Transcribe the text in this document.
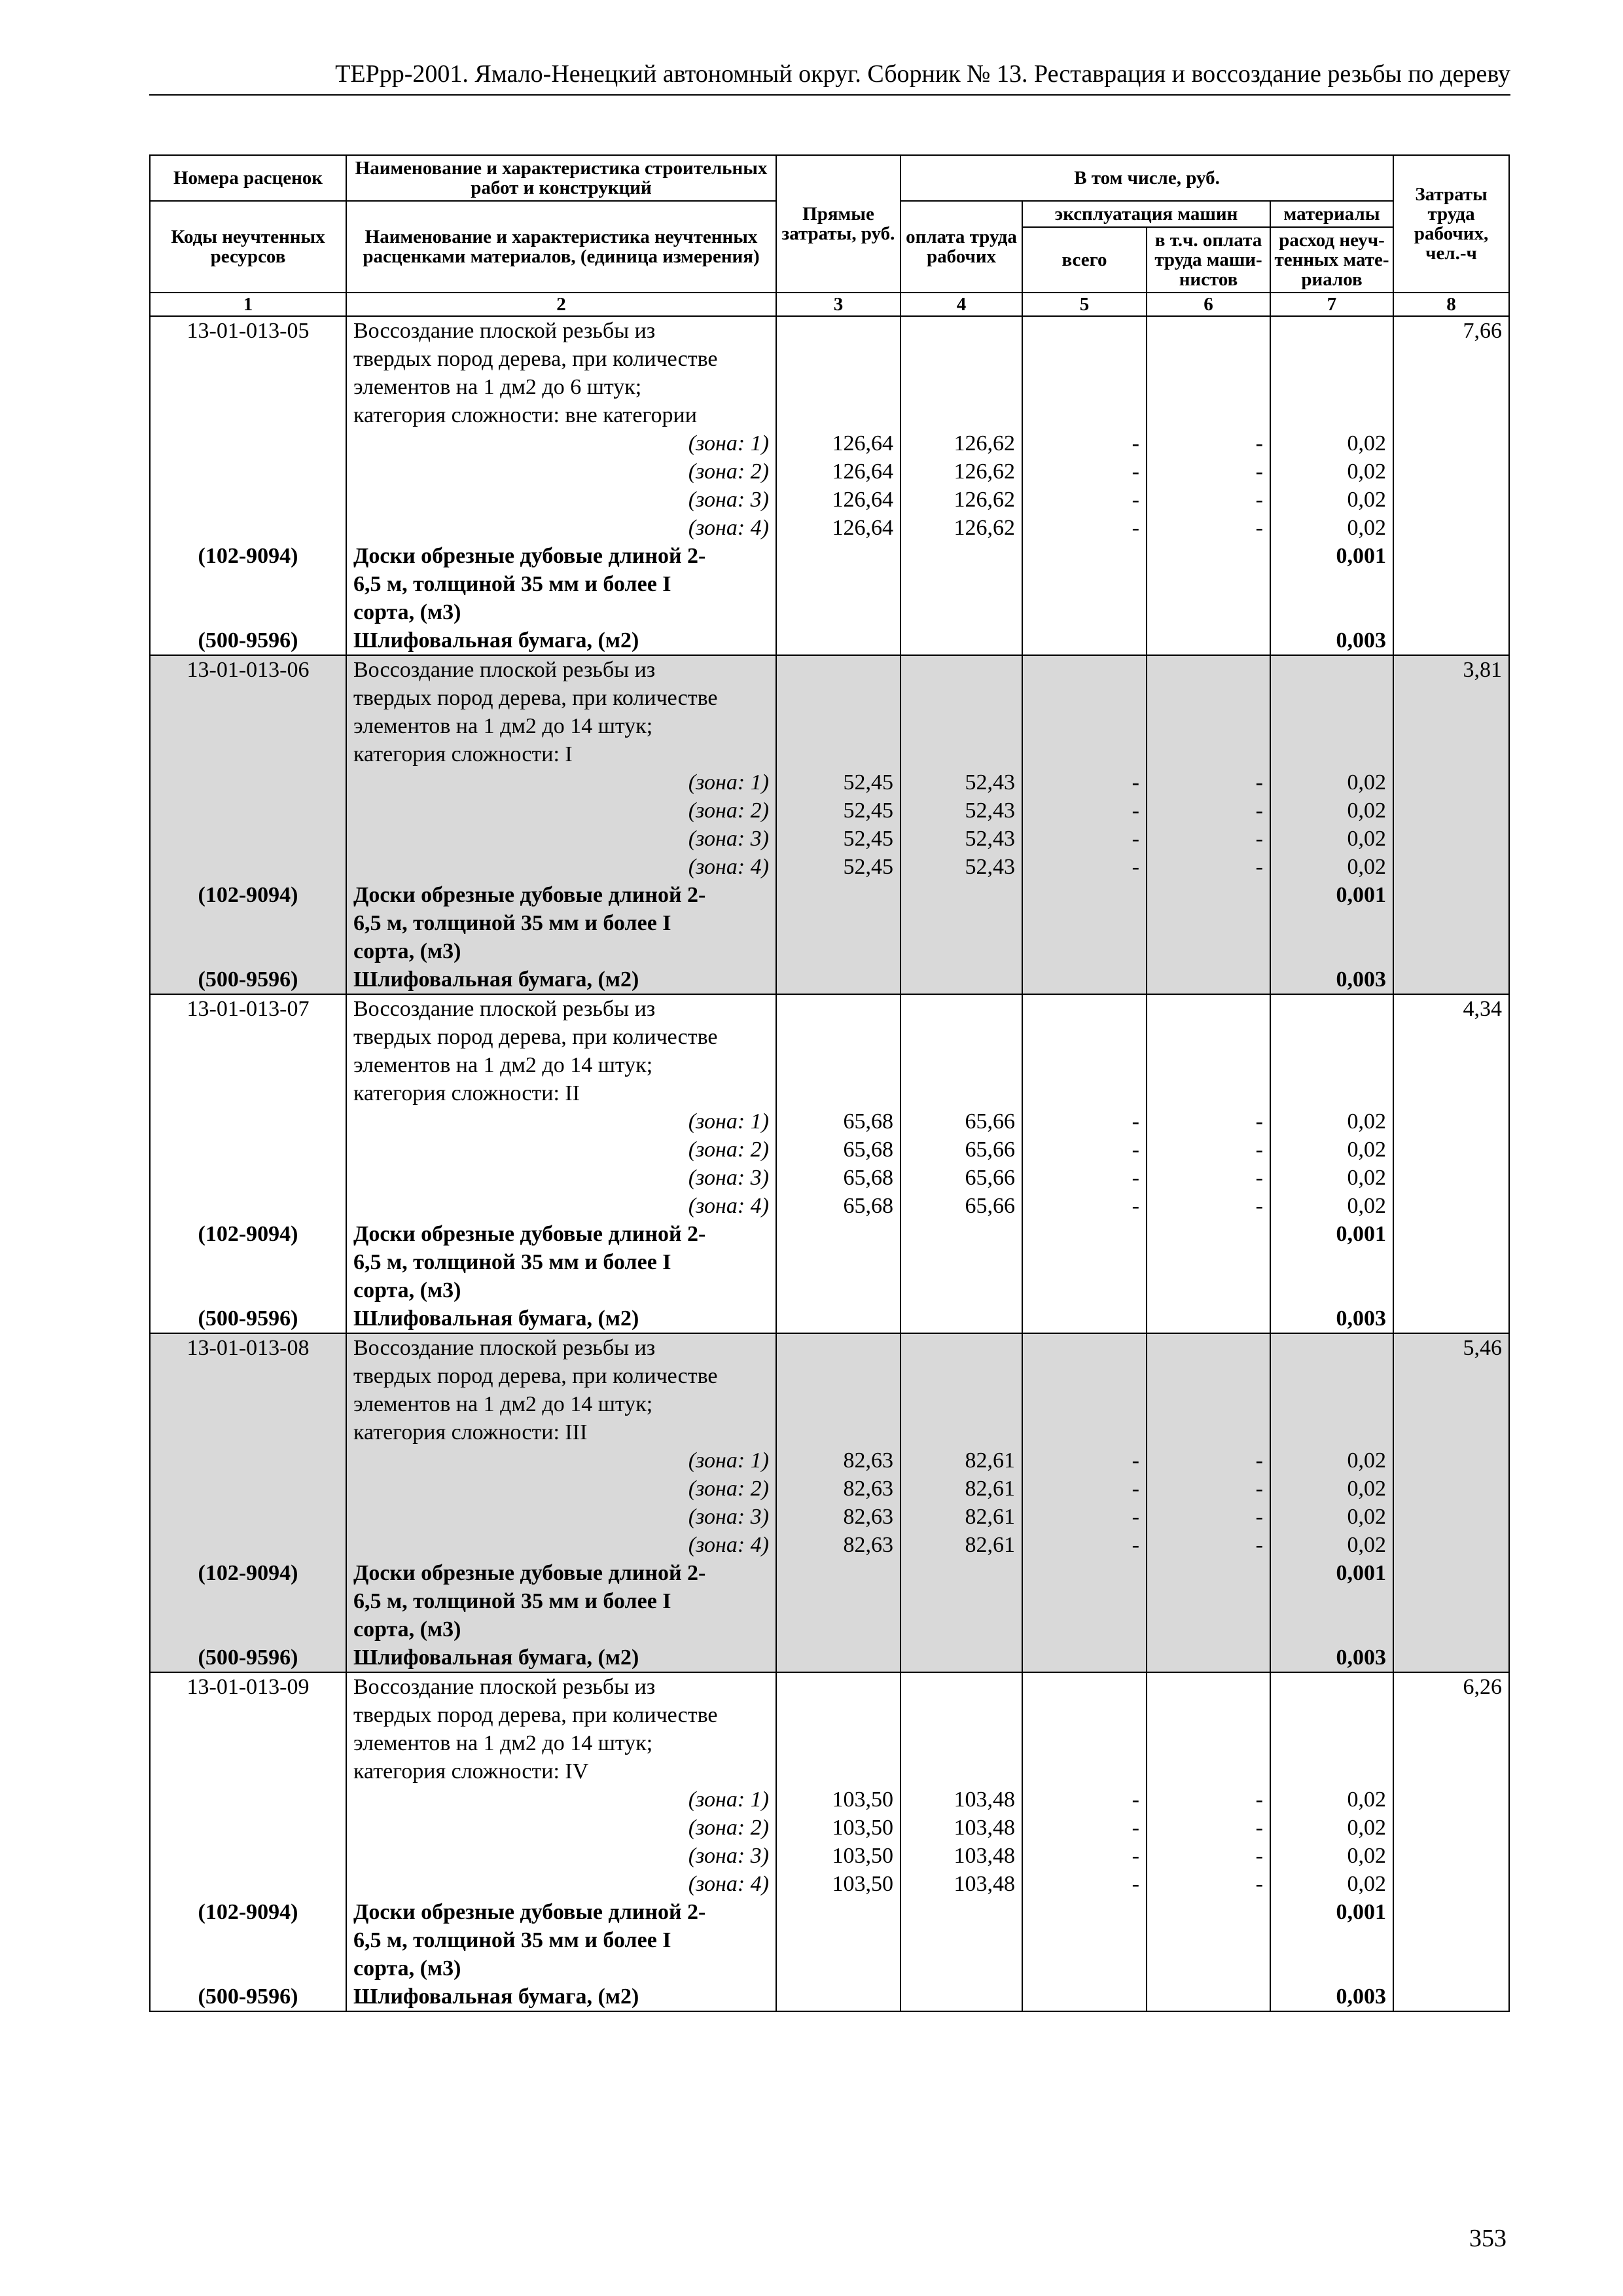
ТЕРрр-2001. Ямало-Ненецкий автономный округ. Сборник № 13. Реставрация и воссоздание резьбы по дереву
Номера расценок	Наименование и характеристика строительных работ и конструкций	Прямые затраты, руб.	В том числе, руб.				Затраты труда рабочих, чел.-ч
Коды неучтенных ресурсов	Наименование и характеристика неучтенных расценками материалов, (единица измерения)		оплата труда рабочих	эксплуатация машин		материалы	
				всего	в т.ч. оплата труда маши-нистов	расход неуч-тенных мате-риалов	
1	2	3	4	5	6	7	8
13-01-013-05	Воссоздание плоской резьбы из						7,66
	твердых пород дерева, при количестве						
	элементов на 1 дм2 до 6 штук;						
	категория сложности: вне категории						
	(зона: 1)	126,64	126,62	-	-	0,02	
	(зона: 2)	126,64	126,62	-	-	0,02	
	(зона: 3)	126,64	126,62	-	-	0,02	
	(зона: 4)	126,64	126,62	-	-	0,02	
(102-9094)	Доски обрезные дубовые длиной 2-					0,001	
	6,5 м, толщиной 35 мм и более I						
	сорта, (м3)						
(500-9596)	Шлифовальная бумага, (м2)					0,003	
13-01-013-06	Воссоздание плоской резьбы из						3,81
	твердых пород дерева, при количестве						
	элементов на 1 дм2 до 14 штук;						
	категория сложности: I						
	(зона: 1)	52,45	52,43	-	-	0,02	
	(зона: 2)	52,45	52,43	-	-	0,02	
	(зона: 3)	52,45	52,43	-	-	0,02	
	(зона: 4)	52,45	52,43	-	-	0,02	
(102-9094)	Доски обрезные дубовые длиной 2-					0,001	
	6,5 м, толщиной 35 мм и более I						
	сорта, (м3)						
(500-9596)	Шлифовальная бумага, (м2)					0,003	
13-01-013-07	Воссоздание плоской резьбы из						4,34
	твердых пород дерева, при количестве						
	элементов на 1 дм2 до 14 штук;						
	категория сложности: II						
	(зона: 1)	65,68	65,66	-	-	0,02	
	(зона: 2)	65,68	65,66	-	-	0,02	
	(зона: 3)	65,68	65,66	-	-	0,02	
	(зона: 4)	65,68	65,66	-	-	0,02	
(102-9094)	Доски обрезные дубовые длиной 2-					0,001	
	6,5 м, толщиной 35 мм и более I						
	сорта, (м3)						
(500-9596)	Шлифовальная бумага, (м2)					0,003	
13-01-013-08	Воссоздание плоской резьбы из						5,46
	твердых пород дерева, при количестве						
	элементов на 1 дм2 до 14 штук;						
	категория сложности: III						
	(зона: 1)	82,63	82,61	-	-	0,02	
	(зона: 2)	82,63	82,61	-	-	0,02	
	(зона: 3)	82,63	82,61	-	-	0,02	
	(зона: 4)	82,63	82,61	-	-	0,02	
(102-9094)	Доски обрезные дубовые длиной 2-					0,001	
	6,5 м, толщиной 35 мм и более I						
	сорта, (м3)						
(500-9596)	Шлифовальная бумага, (м2)					0,003	
13-01-013-09	Воссоздание плоской резьбы из						6,26
	твердых пород дерева, при количестве						
	элементов на 1 дм2 до 14 штук;						
	категория сложности: IV						
	(зона: 1)	103,50	103,48	-	-	0,02	
	(зона: 2)	103,50	103,48	-	-	0,02	
	(зона: 3)	103,50	103,48	-	-	0,02	
	(зона: 4)	103,50	103,48	-	-	0,02	
(102-9094)	Доски обрезные дубовые длиной 2-					0,001	
	6,5 м, толщиной 35 мм и более I						
	сорта, (м3)						
(500-9596)	Шлифовальная бумага, (м2)					0,003	
353
